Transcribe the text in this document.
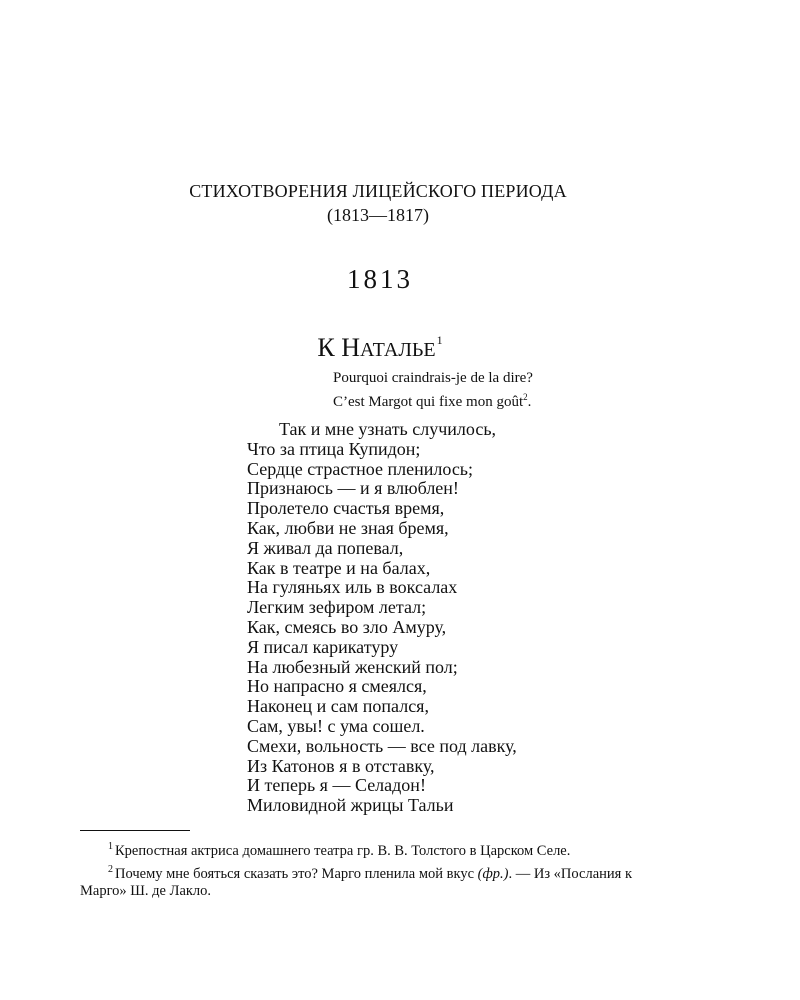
СТИХОТВОРЕНИЯ ЛИЦЕЙСКОГО ПЕРИОДА
(1813—1817)
1813
К НАТАЛЬЕ$^1$
Pourquoi craindrais-je de la dire?
C’est Margot qui fixe mon goût$^2$.
Так и мне узнать случилось,
Что за птица Купидон;
Сердце страстное пленилось;
Признаюсь — и я влюблен!
Пролетело счастья время,
Как, любви не зная бремя,
Я живал да попевал,
Как в театре и на балах,
На гуляньях иль в воксалах
Легким зефиром летал;
Как, смеясь во зло Амуру,
Я писал карикатуру
На любезный женский пол;
Но напрасно я смеялся,
Наконец и сам попался,
Сам, увы! с ума сошел.
Смехи, вольность — все под лавку,
Из Катонов я в отставку,
И теперь я — Селадон!
Миловидной жрицы Тальи

$^1$ Крепостная актриса домашнего театра гр. В. В. Толстого в Царском Селе.

$^2$ Почему мне бояться сказать это? Марго пленила мой вкус (фр.). — Из «Послания к Марго» Ш. де Лакло.
